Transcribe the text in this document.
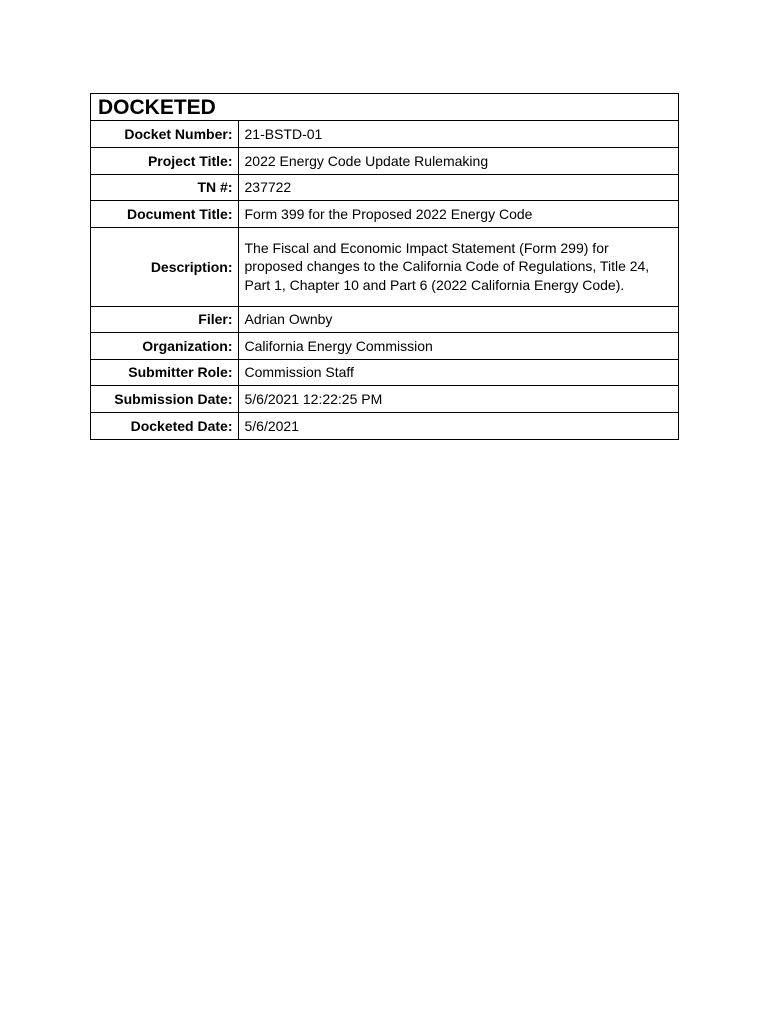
DOCKETED
Docket Number:	21-BSTD-01
Project Title:	2022 Energy Code Update Rulemaking
TN #:	237722
Document Title:	Form 399 for the Proposed 2022 Energy Code
Description:	The Fiscal and Economic Impact Statement (Form 299) for proposed changes to the California Code of Regulations, Title 24, Part 1, Chapter 10 and Part 6 (2022 California Energy Code).
Filer:	Adrian Ownby
Organization:	California Energy Commission
Submitter Role:	Commission Staff
Submission Date:	5/6/2021 12:22:25 PM
Docketed Date:	5/6/2021
